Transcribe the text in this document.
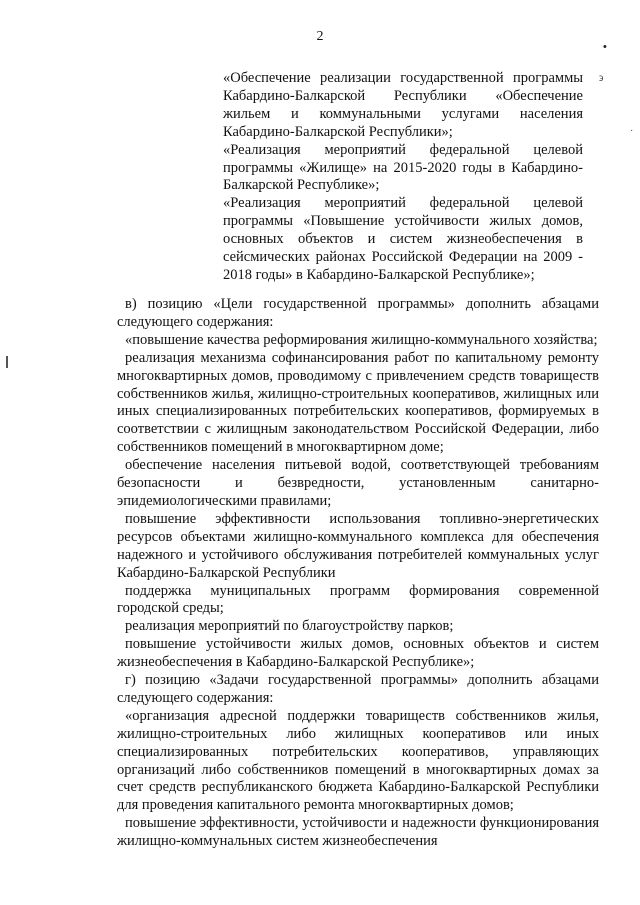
2
•
϶
·

«Обеспечение реализации государственной программы Кабардино-Балкарской Республики «Обеспечение жильем и коммунальными услугами населения Кабардино-Балкарской Республики»;

«Реализация мероприятий федеральной целевой программы «Жилище» на 2015-2020 годы в Кабардино-Балкарской Республике»;

«Реализация мероприятий федеральной целевой программы «Повышение устойчивости жилых домов, основных объектов и систем жизнеобеспечения в сейсмических районах Российской Федерации на 2009 - 2018 годы» в Кабардино-Балкарской Республике»;

в) позицию «Цели государственной программы» дополнить абзацами следующего содержания:

«повышение качества реформирования жилищно-коммунального хозяйства;

реализация механизма софинансирования работ по капитальному ремонту многоквартирных домов, проводимому с привлечением средств товариществ собственников жилья, жилищно-строительных кооперативов, жилищных или иных специализированных потребительских кооперативов, формируемых в соответствии с жилищным законодательством Российской Федерации, либо собственников помещений в многоквартирном доме;

обеспечение населения питьевой водой, соответствующей требованиям безопасности и безвредности, установленным санитарно-эпидемиологическими правилами;

повышение эффективности использования топливно-энергетических ресурсов объектами жилищно-коммунального комплекса для обеспечения надежного и устойчивого обслуживания потребителей коммунальных услуг Кабардино-Балкарской Республики

поддержка муниципальных программ формирования современной городской среды;

реализация мероприятий по благоустройству парков;

повышение устойчивости жилых домов, основных объектов и систем жизнеобеспечения в Кабардино-Балкарской Республике»;

г) позицию «Задачи государственной программы» дополнить абзацами следующего содержания:

«организация адресной поддержки товариществ собственников жилья, жилищно-строительных либо жилищных кооперативов или иных специализированных потребительских кооперативов, управляющих организаций либо собственников помещений в многоквартирных домах за счет средств республиканского бюджета Кабардино-Балкарской Республики для проведения капитального ремонта многоквартирных домов;

повышение эффективности, устойчивости и надежности функционирования жилищно-коммунальных систем жизнеобеспечения
